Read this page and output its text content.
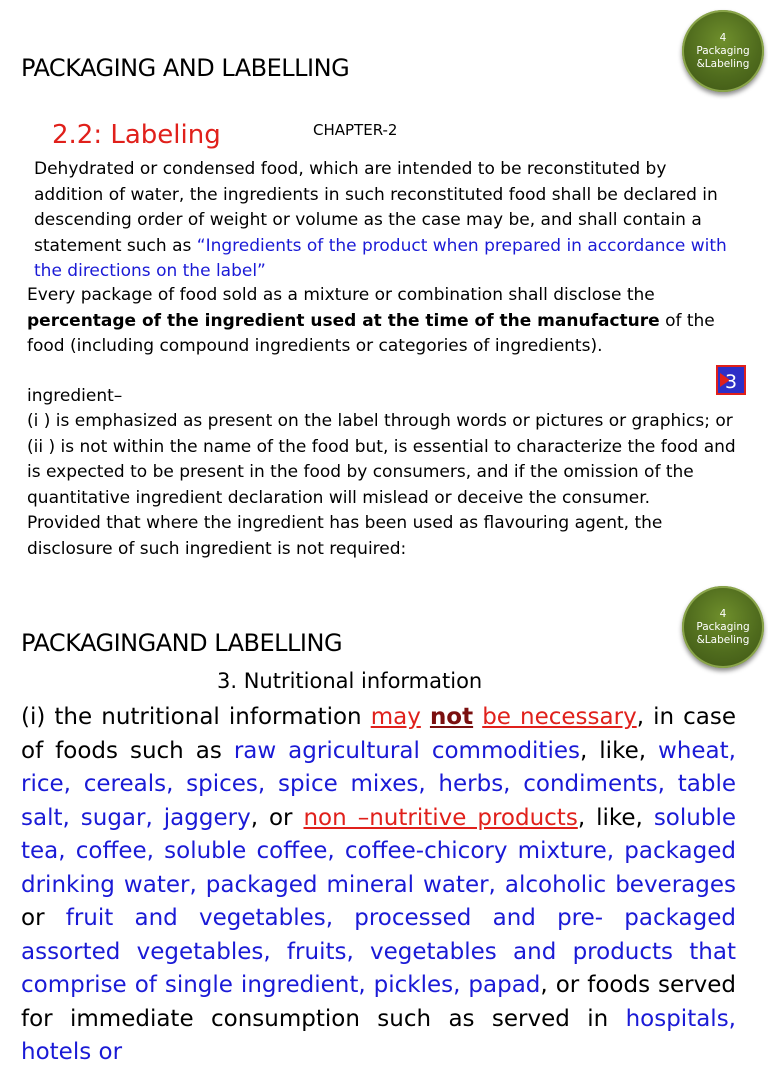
4
Packaging
&Labeling
PACKAGING AND LABELLING
2.2: Labeling	CHAPTER-2
Dehydrated or condensed food, which are intended to be reconstituted by addition of water, the ingredients in such reconstituted food shall be declared in descending order of weight or volume as the case may be, and shall contain a statement such as “Ingredients of the product when prepared in accordance with the directions on the label”
Every package of food sold as a mixture or combination shall disclose the percentage of the ingredient used at the time of the manufacture of the food (including compound ingredients or categories of ingredients).
ingredient–
(i ) is emphasized as present on the label through words or pictures or graphics; or
(ii ) is not within the name of the food but, is essential to characterize the food and is expected to be present in the food by consumers, and if the omission of the quantitative ingredient declaration will mislead or deceive the consumer.
Provided that where the ingredient has been used as flavouring agent, the disclosure of such ingredient is not required:
3
4
Packaging
&Labeling
PACKAGINGAND LABELLING
3. Nutritional information
(i) the nutritional information may not be necessary, in case of foods such as raw agricultural commodities, like, wheat, rice, cereals, spices, spice mixes, herbs, condiments, table salt, sugar, jaggery, or non –nutritive products, like, soluble tea, coffee, soluble coffee, coffee-chicory mixture, packaged drinking water, packaged mineral water, alcoholic beverages or fruit and vegetables, processed and pre- packaged assorted vegetables, fruits, vegetables and products that comprise of single ingredient, pickles, papad, or foods served for immediate consumption such as served in hospitals, hotels or
